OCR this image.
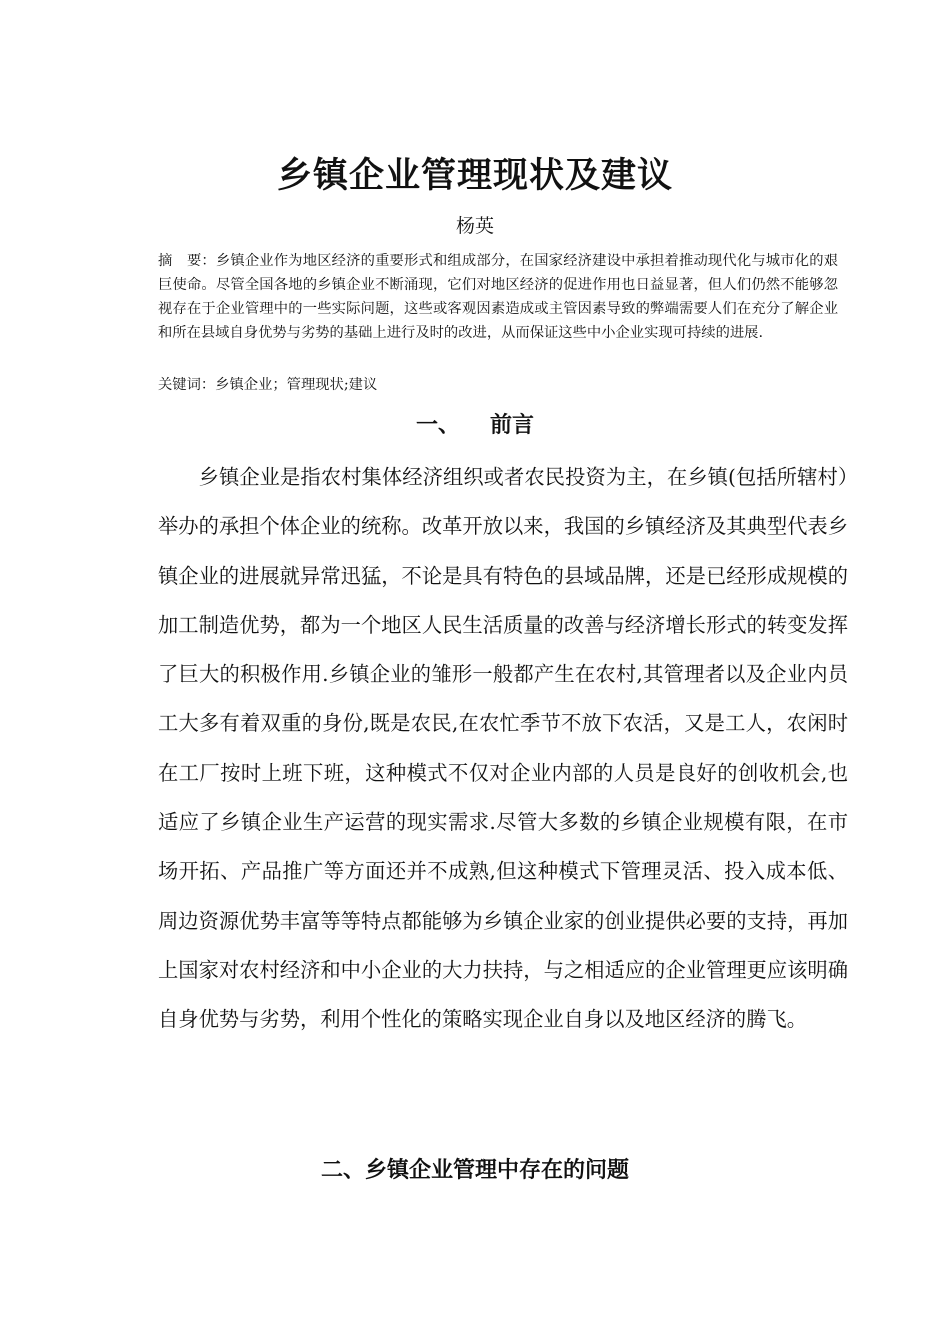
乡镇企业管理现状及建议
杨英
摘　要：乡镇企业作为地区经济的重要形式和组成部分，在国家经济建设中承担着推动现代化与城市化的艰巨使命。尽管全国各地的乡镇企业不断涌现，它们对地区经济的促进作用也日益显著，但人们仍然不能够忽视存在于企业管理中的一些实际问题，这些或客观因素造成或主管因素导致的弊端需要人们在充分了解企业和所在县域自身优势与劣势的基础上进行及时的改进，从而保证这些中小企业实现可持续的进展.
关键词：乡镇企业；管理现状;建议
一、 前言
乡镇企业是指农村集体经济组织或者农民投资为主，在乡镇(包括所辖村）举办的承担个体企业的统称。改革开放以来，我国的乡镇经济及其典型代表乡镇企业的进展就异常迅猛，不论是具有特色的县域品牌，还是已经形成规模的加工制造优势，都为一个地区人民生活质量的改善与经济增长形式的转变发挥了巨大的积极作用.乡镇企业的雏形一般都产生在农村,其管理者以及企业内员工大多有着双重的身份,既是农民,在农忙季节不放下农活，又是工人，农闲时在工厂按时上班下班，这种模式不仅对企业内部的人员是良好的创收机会,也适应了乡镇企业生产运营的现实需求.尽管大多数的乡镇企业规模有限，在市场开拓、产品推广等方面还并不成熟,但这种模式下管理灵活、投入成本低、周边资源优势丰富等等特点都能够为乡镇企业家的创业提供必要的支持，再加上国家对农村经济和中小企业的大力扶持，与之相适应的企业管理更应该明确自身优势与劣势，利用个性化的策略实现企业自身以及地区经济的腾飞。
二、乡镇企业管理中存在的问题
